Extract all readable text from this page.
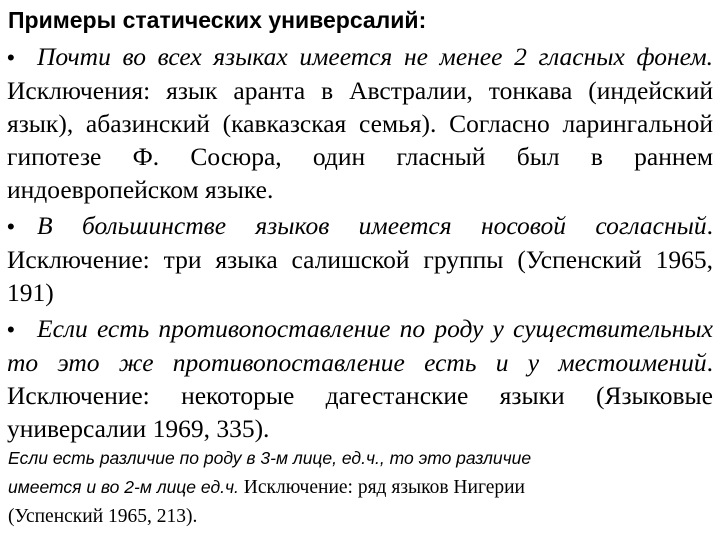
Примеры статических универсалий:
• Почти во всех языках имеется не менее 2 гласных фонем. Исключения: язык аранта в Австралии, тонкава (индейский язык), абазинский (кавказская семья). Согласно ларингальной гипотезе Ф. Сосюра, один гласный был в раннем индоевропейском языке.
• В большинстве языков имеется носовой согласный. Исключение: три языка салишской группы (Успенский 1965, 191)
• Если есть противопоставление по роду у существительных то это же противопоставление есть и у местоимений. Исключение: некоторые дагестанские языки (Языковые универсалии 1969, 335).
Если есть различие по роду в 3-м лице, ед.ч., то это различие
имеется и во 2-м лице ед.ч. Исключение: ряд языков Нигерии
(Успенский 1965, 213).
